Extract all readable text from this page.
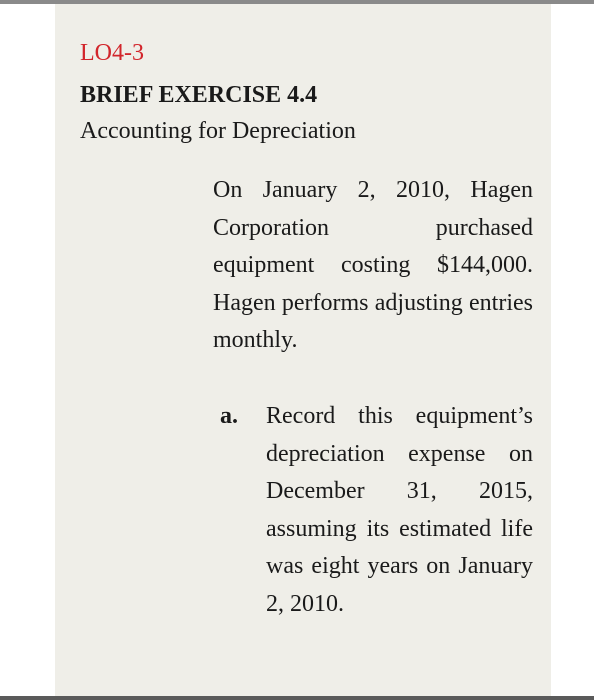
LO4-3
BRIEF EXERCISE 4.4
Accounting for Depreciation
On January 2, 2010, Hagen Corporation purchased equipment costing $144,000. Hagen performs adjusting entries monthly.
a. Record this equipment’s depreciation expense on December 31, 2015, assuming its estimated life was eight years on January 2, 2010.
